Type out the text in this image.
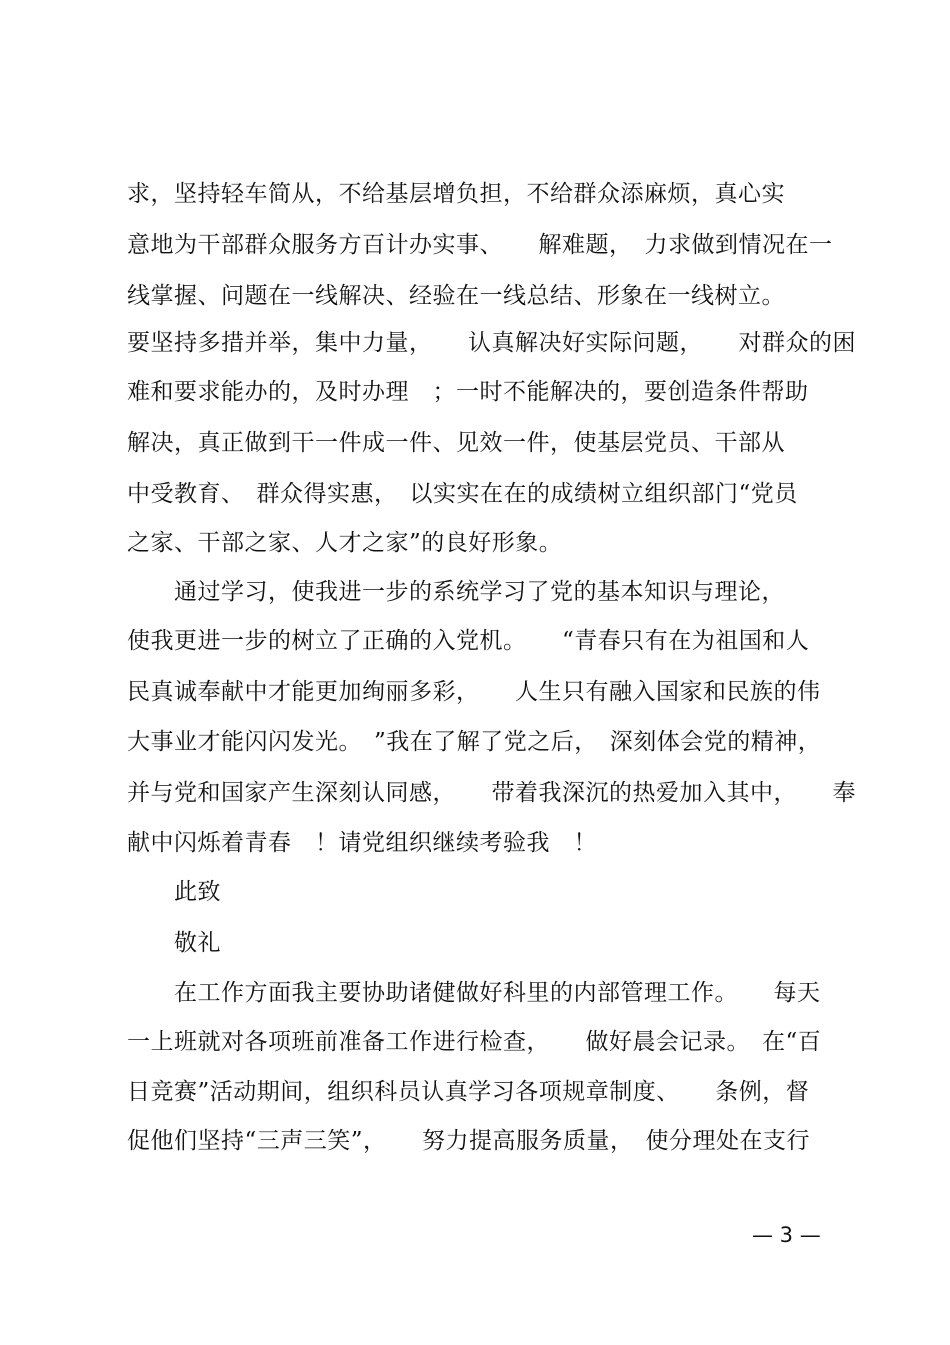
求，坚持轻车简从，不给基层增负担，不给群众添麻烦，真心实
意地为干部群众服务方百计办实事、　　解难题，　力求做到情况在一
线掌握、问题在一线解决、经验在一线总结、形象在一线树立。
要坚持多措并举，集中力量，　　认真解决好实际问题，　　对群众的困
难和要求能办的，及时办理　；一时不能解决的，要创造条件帮助
解决，真正做到干一件成一件、见效一件，使基层党员、干部从
中受教育、　群众得实惠，　以实实在在的成绩树立组织部门“党员
之家、干部之家、人才之家”的良好形象。
　　通过学习，使我进一步的系统学习了党的基本知识与理论，
使我更进一步的树立了正确的入党机。　　“青春只有在为祖国和人
民真诚奉献中才能更加绚丽多彩，　　人生只有融入国家和民族的伟
大事业才能闪闪发光。　”我在了解了党之后，　深刻体会党的精神，
并与党和国家产生深刻认同感，　　带着我深沉的热爱加入其中，　　奉
献中闪烁着青春　！请党组织继续考验我　！
　　此致
　　敬礼
　　在工作方面我主要协助诸健做好科里的内部管理工作。　　每天
一上班就对各项班前准备工作进行检查，　　做好晨会记录。　在“百
日竞赛”活动期间，组织科员认真学习各项规章制度、　　条例，督
促他们坚持“三声三笑”，　　努力提高服务质量，　使分理处在支行
— 3 —
